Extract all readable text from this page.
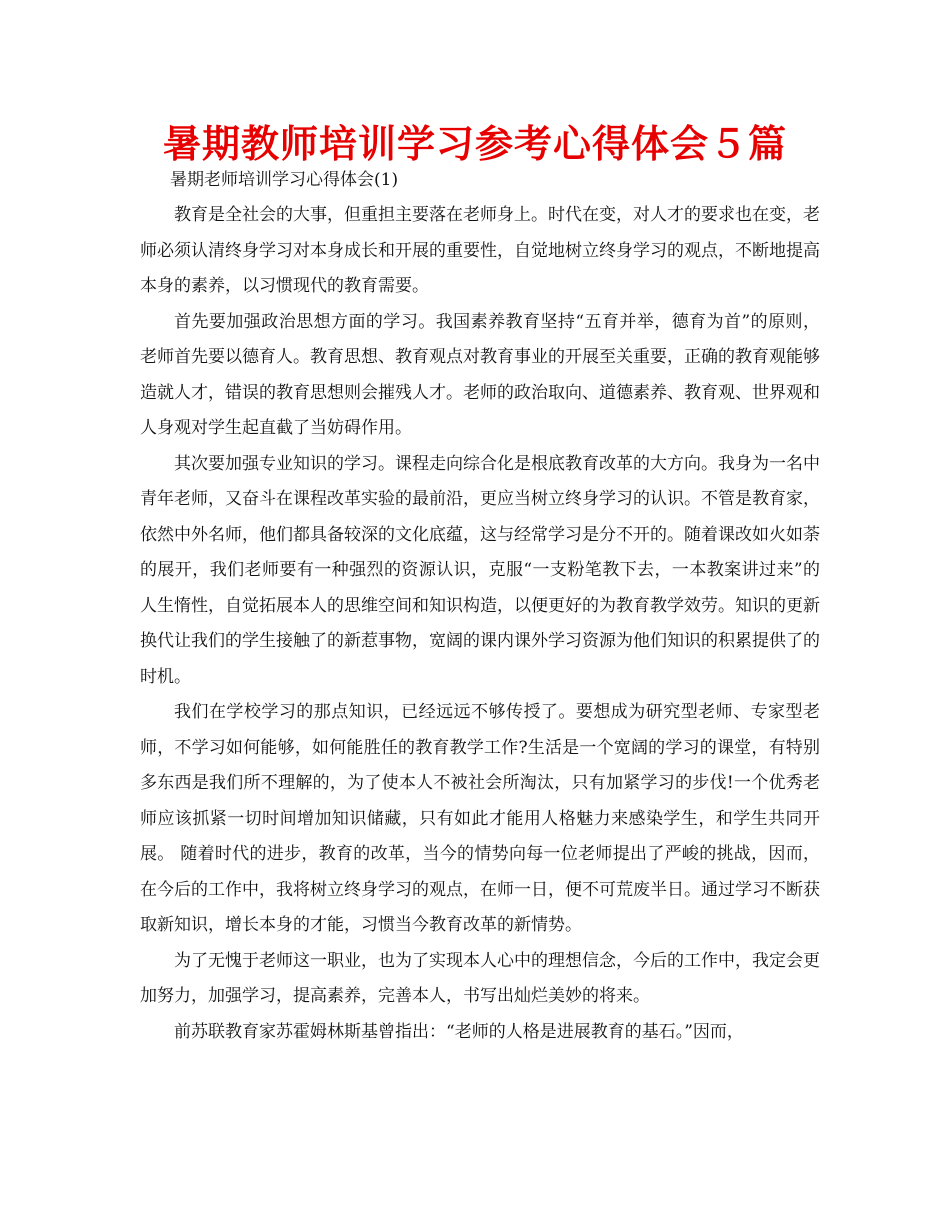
暑期教师培训学习参考心得体会５篇
暑期老师培训学习心得体会(1)

教育是全社会的大事，但重担主要落在老师身上。时代在变，对人才的要求也在变，老师必须认清终身学习对本身成长和开展的重要性，自觉地树立终身学习的观点，不断地提高本身的素养，以习惯现代的教育需要。

首先要加强政治思想方面的学习。我国素养教育坚持“五育并举，德育为首”的原则，老师首先要以德育人。教育思想、教育观点对教育事业的开展至关重要，正确的教育观能够造就人才，错误的教育思想则会摧残人才。老师的政治取向、道德素养、教育观、世界观和人身观对学生起直截了当妨碍作用。

其次要加强专业知识的学习。课程走向综合化是根底教育改革的大方向。我身为一名中青年老师，又奋斗在课程改革实验的最前沿，更应当树立终身学习的认识。不管是教育家，依然中外名师，他们都具备较深的文化底蕴，这与经常学习是分不开的。随着课改如火如荼的展开，我们老师要有一种强烈的资源认识，克服“一支粉笔教下去，一本教案讲过来”的人生惰性，自觉拓展本人的思维空间和知识构造，以便更好的为教育教学效劳。知识的更新换代让我们的学生接触了的新惹事物，宽阔的课内课外学习资源为他们知识的积累提供了的时机。

我们在学校学习的那点知识，已经远远不够传授了。要想成为研究型老师、专家型老师，不学习如何能够，如何能胜任的教育教学工作?生活是一个宽阔的学习的课堂，有特别多东西是我们所不理解的，为了使本人不被社会所淘汰，只有加紧学习的步伐!一个优秀老师应该抓紧一切时间增加知识储藏，只有如此才能用人格魅力来感染学生，和学生共同开展。 随着时代的进步，教育的改革，当今的情势向每一位老师提出了严峻的挑战，因而，在今后的工作中，我将树立终身学习的观点，在师一日，便不可荒废半日。通过学习不断获取新知识，增长本身的才能，习惯当今教育改革的新情势。

为了无愧于老师这一职业，也为了实现本人心中的理想信念，今后的工作中，我定会更加努力，加强学习，提高素养，完善本人，书写出灿烂美妙的将来。

前苏联教育家苏霍姆林斯基曾指出：“老师的人格是进展教育的基石。”因而，
